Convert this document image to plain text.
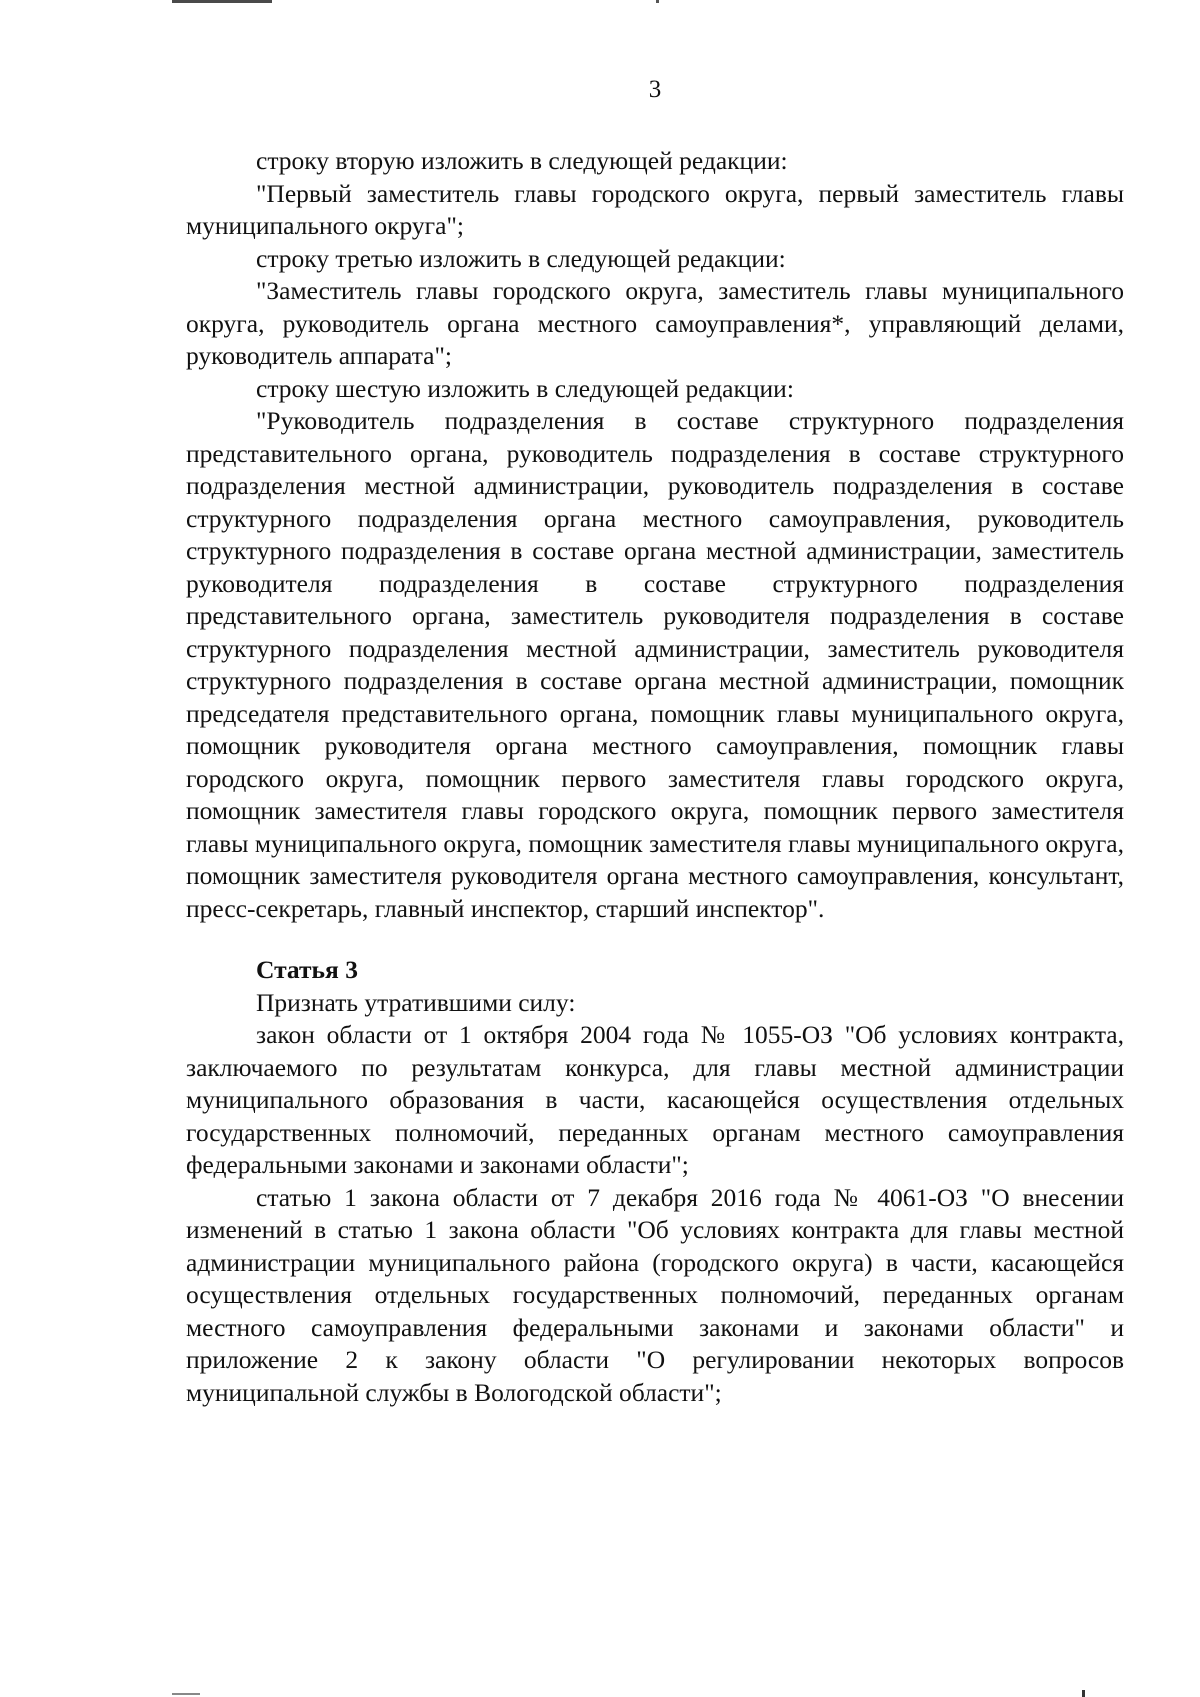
3

строку вторую изложить в следующей редакции:

"Первый заместитель главы городского округа, первый заместитель главы муниципального округа";

строку третью изложить в следующей редакции:

"Заместитель главы городского округа, заместитель главы муниципального округа, руководитель органа местного самоуправления*, управляющий делами, руководитель аппарата";

строку шестую изложить в следующей редакции:

"Руководитель подразделения в составе структурного подразделения представительного органа, руководитель подразделения в составе структурного подразделения местной администрации, руководитель подразделения в составе структурного подразделения органа местного самоуправления, руководитель структурного подразделения в составе органа местной администрации, заместитель руководителя подразделения в составе структурного подразделения представительного органа, заместитель руководителя подразделения в составе структурного подразделения местной администрации, заместитель руководителя структурного подразделения в составе органа местной администрации, помощник председателя представительного органа, помощник главы муниципального округа, помощник руководителя органа местного самоуправления, помощник главы городского округа, помощник первого заместителя главы городского округа, помощник заместителя главы городского округа, помощник первого заместителя главы муниципального округа, помощник заместителя главы муниципального округа, помощник заместителя руководителя органа местного самоуправления, консультант, пресс-секретарь, главный инспектор, старший инспектор".

Статья 3

Признать утратившими силу:

закон области от 1 октября 2004 года № 1055-ОЗ "Об условиях контракта, заключаемого по результатам конкурса, для главы местной администрации муниципального образования в части, касающейся осуществления отдельных государственных полномочий, переданных органам местного самоуправления федеральными законами и законами области";

статью 1 закона области от 7 декабря 2016 года № 4061-ОЗ "О внесении изменений в статью 1 закона области "Об условиях контракта для главы местной администрации муниципального района (городского округа) в части, касающейся осуществления отдельных государственных полномочий, переданных органам местного самоуправления федеральными законами и законами области" и приложение 2 к закону области "О регулировании некоторых вопросов муниципальной службы в Вологодской области";
